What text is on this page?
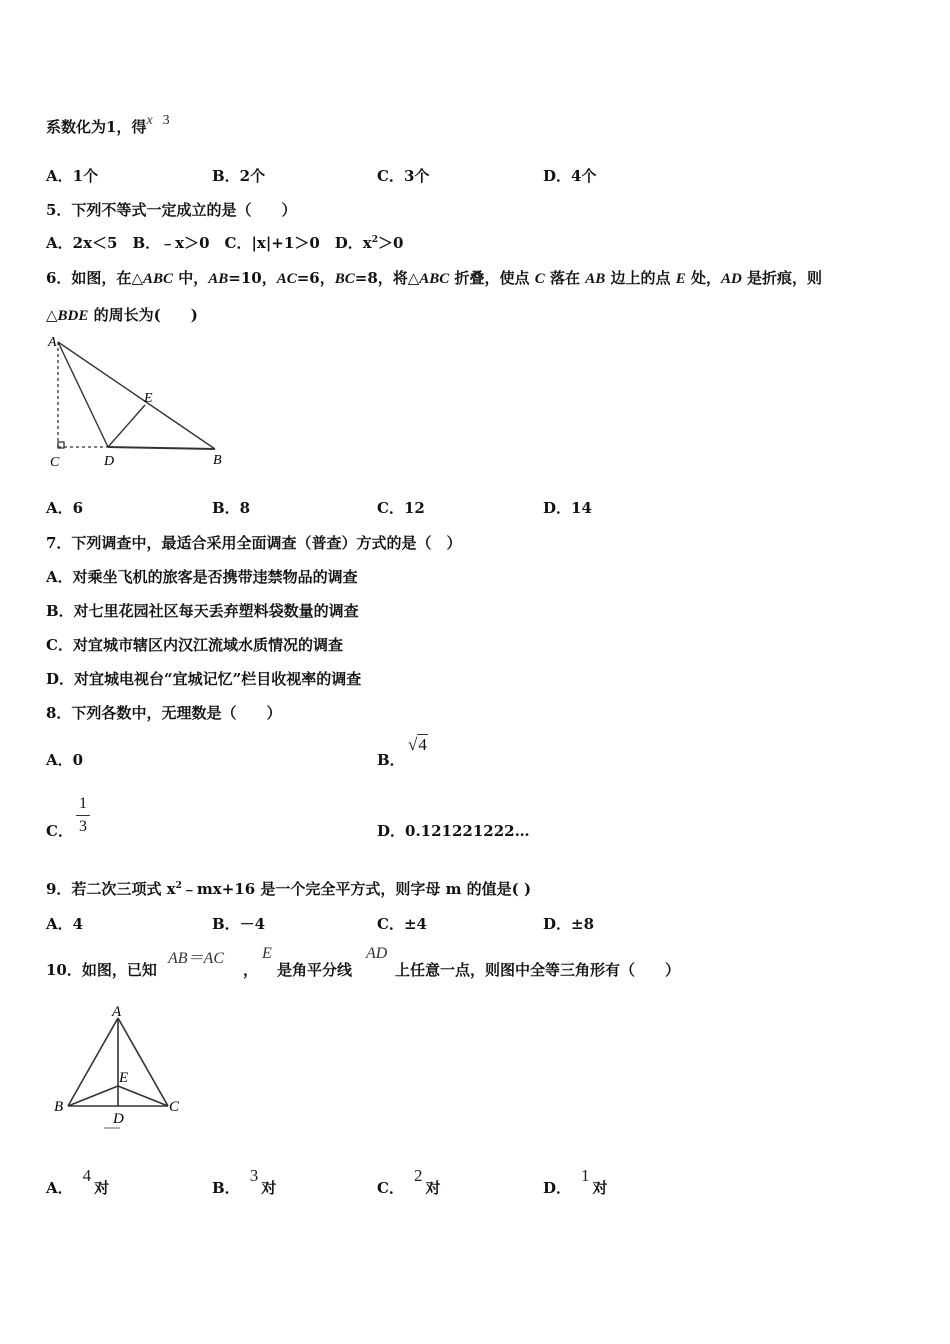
系数化为1，得x 3
A．1个	B．2个	C．3个	D．4个
5．下列不等式一定成立的是（　　）
A．2x＜5　B．﹣x＞0　C．|x|+1＞0　D．$x^2>0$
6．如图，在△ABC 中，AB=10，AC=6，BC=8，将△ABC 折叠，使点 C 落在 AB 边上的点 E 处，AD 是折痕，则
△BDE 的周长为(　　)
A
C	D	B
E
A．6	B．8	C．12	D．14
7．下列调查中，最适合采用全面调查（普查）方式的是（　）
A．对乘坐飞机的旅客是否携带违禁物品的调查
B．对七里花园社区每天丢弃塑料袋数量的调查
C．对宜城市辖区内汉江流域水质情况的调查
D．对宜城电视台“宜城记忆”栏目收视率的调查
8．下列各数中，无理数是（　　）
A．0	B．
√4
C．
1
3	D．0.121221222…
9．若二次三项式 $x^2﹣mx+16$ 是一个完全平方式，则字母 m 的值是( )
A．4	B．－4	C．±4	D．±8
10．如图，已知
AB＝AC
，
E
是角平分线
AD
上任意一点，则图中全等三角形有（　　）
A
B	C
D
E
A．4对	B．3对	C．2对	D．1对
